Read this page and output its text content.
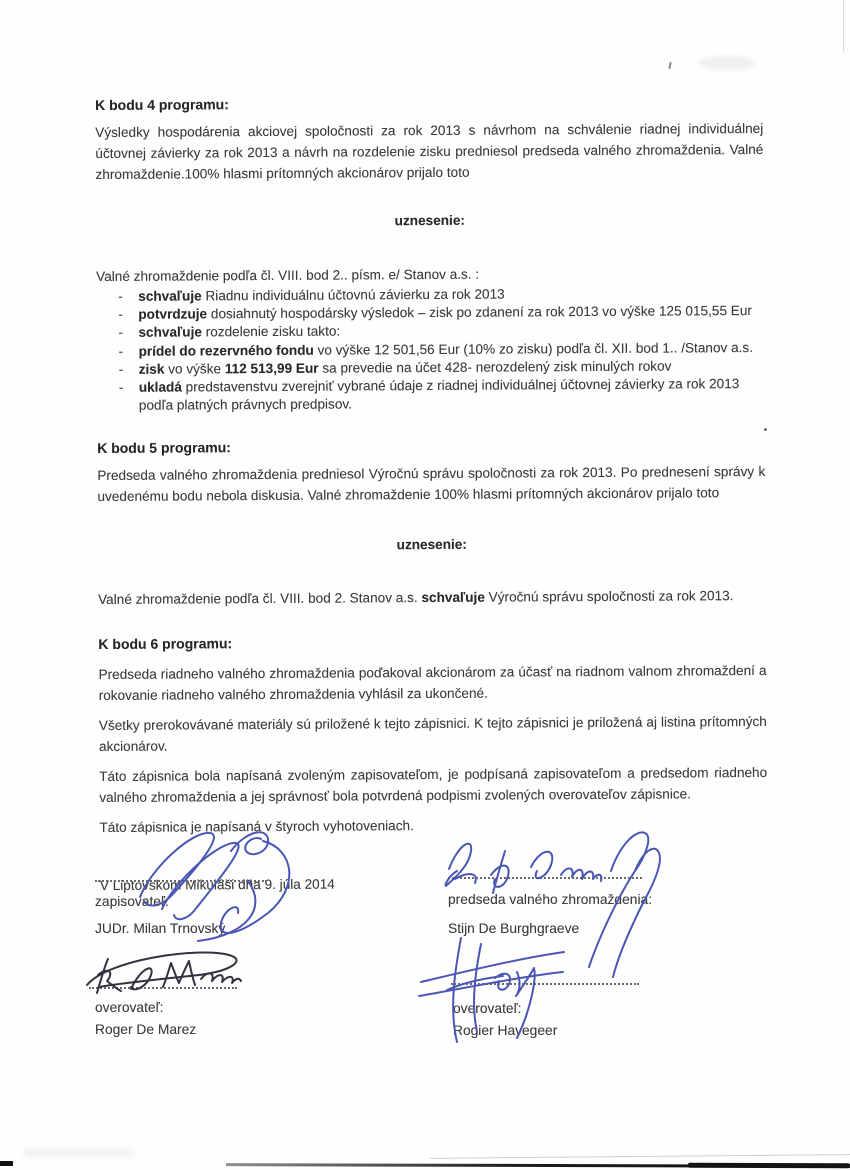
K bodu 4 programu:

Výsledky hospodárenia akciovej spoločnosti za rok 2013 s návrhom na schválenie riadnej individuálnej účtovnej závierky za rok 2013 a návrh na rozdelenie zisku predniesol predseda valného zhromaždenia. Valné zhromaždenie.100% hlasmi prítomných akcionárov prijalo toto

uznesenie:

Valné zhromaždenie podľa čl. VIII. bod 2.. písm. e/ Stanov a.s. :

- schvaľuje Riadnu individuálnu účtovnú závierku za rok 2013
- potvrdzuje dosiahnutý hospodársky výsledok – zisk po zdanení za rok 2013 vo výške 125 015,55 Eur
- schvaľuje rozdelenie zisku takto:
- prídel do rezervného fondu vo výške 12 501,56 Eur (10% zo zisku) podľa čl. XII. bod 1.. /Stanov a.s.
- zisk vo výške 112 513,99 Eur sa prevedie na účet 428- nerozdelený zisk minulých rokov
- ukladá predstavenstvu zverejniť vybrané údaje z riadnej individuálnej účtovnej závierky za rok 2013 podľa platných právnych predpisov.
K bodu 5 programu:

Predseda valného zhromaždenia predniesol Výročnú správu spoločnosti za rok 2013. Po prednesení správy k uvedenému bodu nebola diskusia. Valné zhromaždenie 100% hlasmi prítomných akcionárov prijalo toto

uznesenie:

Valné zhromaždenie podľa čl. VIII. bod 2. Stanov a.s. schvaľuje Výročnú správu spoločnosti za rok 2013.

K bodu 6 programu:

Predseda riadneho valného zhromaždenia poďakoval akcionárom za účasť na riadnom valnom zhromaždení a rokovanie riadneho valného zhromaždenia vyhlásil za ukončené.

Všetky prerokovávané materiály sú priložené k tejto zápisnici. K tejto zápisnici je priložená aj listina prítomných akcionárov.

Táto zápisnica bola napísaná zvoleným zapisovateľom, je podpísaná zapisovateľom a predsedom riadneho valného zhromaždenia a jej správnosť bola potvrdená podpismi zvolených overovateľov zápisnice.

Táto zápisnica je napísaná v štyroch vyhotoveniach.

V Liptovskom Mikuláši dňa 9. júla 2014

zapisovateľ:
JUDr. Milan Trnovský
predseda valného zhromaždenia:
Stijn De Burghgraeve
overovateľ:
Roger De Marez
overovateľ:
Rogier Havegeer
